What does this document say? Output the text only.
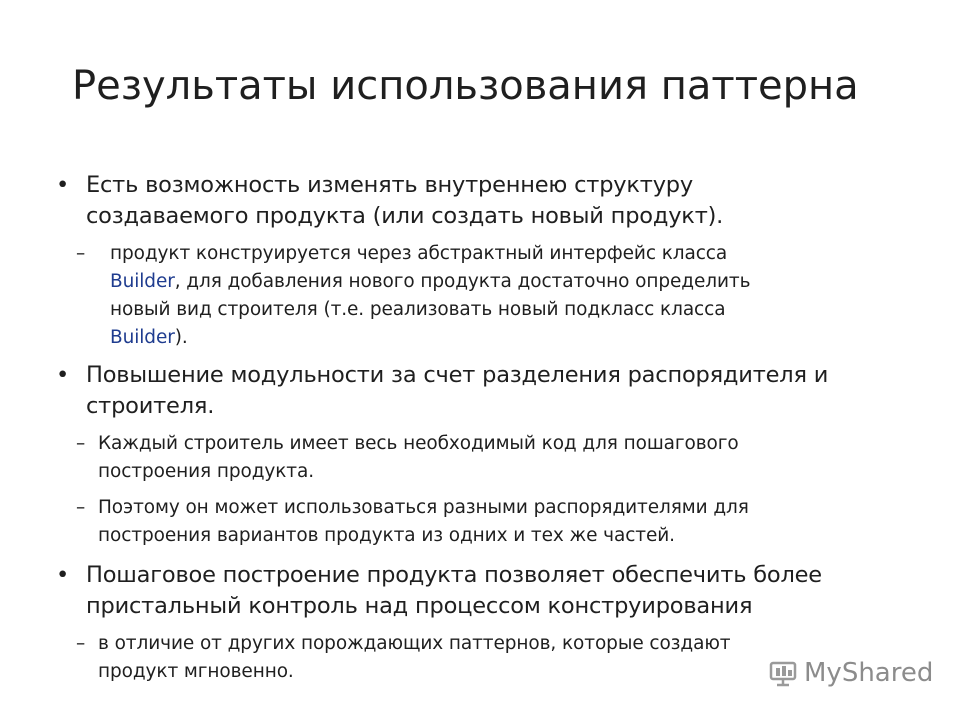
Результаты использования паттерна
• Есть возможность изменять внутреннею структуру
создаваемого продукта (или создать новый продукт).
– продукт конструируется через абстрактный интерфейс класса
Builder, для добавления нового продукта достаточно определить
новый вид строителя (т.е. реализовать новый подкласс класса
Builder).
• Повышение модульности за счет разделения распорядителя и
строителя.
– Каждый строитель имеет весь необходимый код для пошагового
построения продукта.
– Поэтому он может использоваться разными распорядителями для
построения вариантов продукта из одних и тех же частей.
• Пошаговое построение продукта позволяет обеспечить более
пристальный контроль над процессом конструирования
– в отличие от других порождающих паттернов, которые создают
продукт мгновенно.	MyShared
